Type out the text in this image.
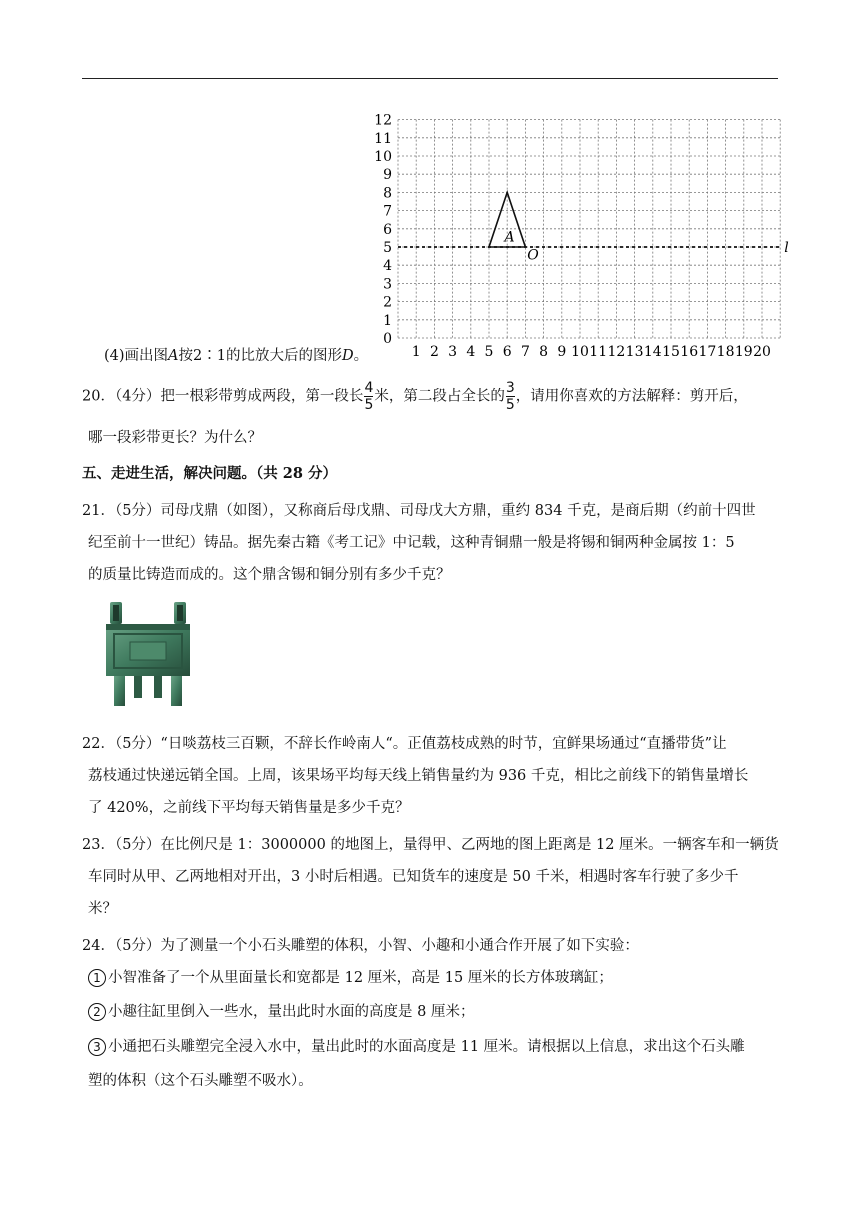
0
1
2
3
4
5
6
7
8
9
10
11
12
1 2 3 4 5 6 7 8 9 10 11 12 13 14 15 16 17 18 19 20
l
A
O
(4)画出图A按2∶1的比放大后的图形D。
20．（4分）把一根彩带剪成两段，第一段长 $\frac{4}{5}$ 米，第二段占全长的 $\frac{3}{5}$ ，请用你喜欢的方法解释：剪开后，
哪一段彩带更长？为什么？
五、走进生活，解决问题。（共 28 分）
21．（5分）司母戊鼎（如图），又称商后母戊鼎、司母戊大方鼎，重约 834 千克，是商后期（约前十四世
纪至前十一世纪）铸品。据先秦古籍《考工记》中记载，这种青铜鼎一般是将锡和铜两种金属按 1：5
的质量比铸造而成的。这个鼎含锡和铜分别有多少千克？
22．（5分）“日啖荔枝三百颗，不辞长作岭南人“。正值荔枝成熟的时节，宜鲜果场通过“直播带货”让
荔枝通过快递远销全国。上周，该果场平均每天线上销售量约为 936 千克，相比之前线下的销售量增长
了 420%，之前线下平均每天销售量是多少千克？
23．（5分）在比例尺是 1：3000000 的地图上，量得甲、乙两地的图上距离是 12 厘米。一辆客车和一辆货
车同时从甲、乙两地相对开出，3 小时后相遇。已知货车的速度是 50 千米，相遇时客车行驶了多少千
米？
24．（5分）为了测量一个小石头雕塑的体积，小智、小趣和小通合作开展了如下实验：
1 小智准备了一个从里面量长和宽都是 12 厘米，高是 15 厘米的长方体玻璃缸；
2 小趣往缸里倒入一些水，量出此时水面的高度是 8 厘米；
3 小通把石头雕塑完全浸入水中，量出此时的水面高度是 11 厘米。请根据以上信息，求出这个石头雕
塑的体积（这个石头雕塑不吸水）。
